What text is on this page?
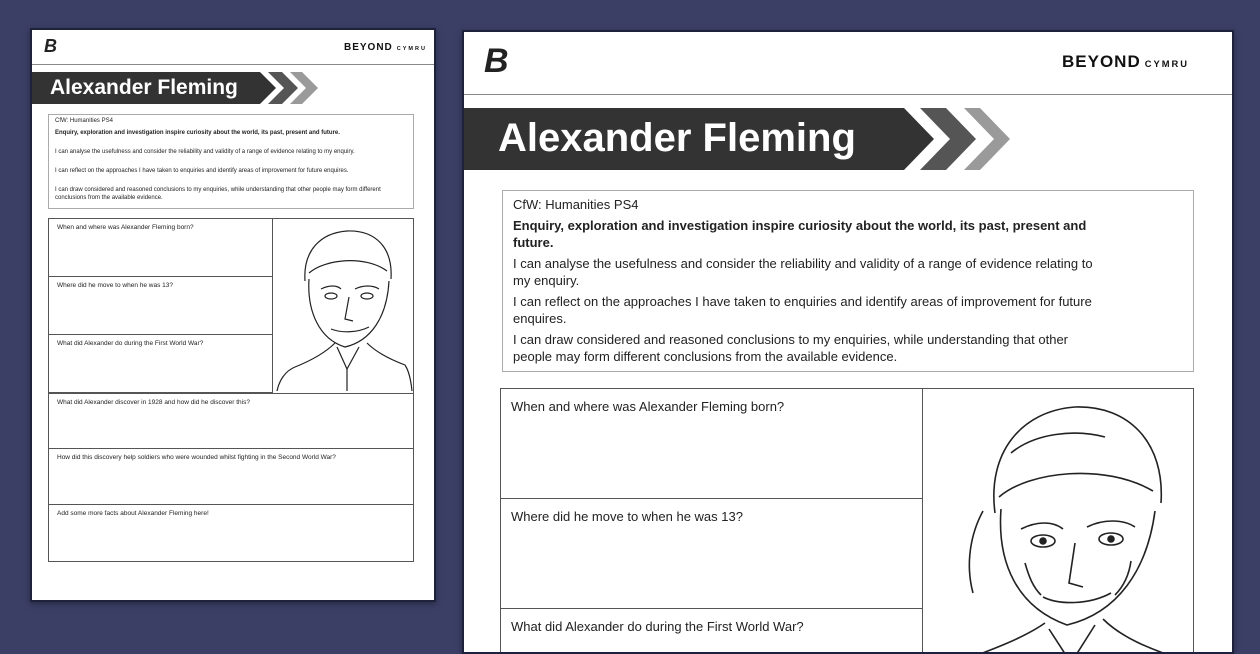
B	BEYOND CYMRU
Alexander Fleming
CfW: Humanities PS4
Enquiry, exploration and investigation inspire curiosity about the world, its past, present and future.
I can analyse the usefulness and consider the reliability and validity of a range of evidence relating to my enquiry.
I can reflect on the approaches I have taken to enquiries and identify areas of improvement for future enquires.
I can draw considered and reasoned conclusions to my enquiries, while understanding that other people may form different conclusions from the available evidence.
When and where was Alexander Fleming born?
Where did he move to when he was 13?
What did Alexander do during the First World War?
What did Alexander discover in 1928 and how did he discover this?
How did this discovery help soldiers who were wounded whilst fighting in the Second World War?
Add some more facts about Alexander Fleming here!
B	BEYOND CYMRU
Alexander Fleming
CfW: Humanities PS4
Enquiry, exploration and investigation inspire curiosity about the world, its past, present and
future.
I can analyse the usefulness and consider the reliability and validity of a range of evidence relating to
my enquiry.
I can reflect on the approaches I have taken to enquiries and identify areas of improvement for future
enquires.
I can draw considered and reasoned conclusions to my enquiries, while understanding that other
people may form different conclusions from the available evidence.
When and where was Alexander Fleming born?
Where did he move to when he was 13?
What did Alexander do during the First World War?
